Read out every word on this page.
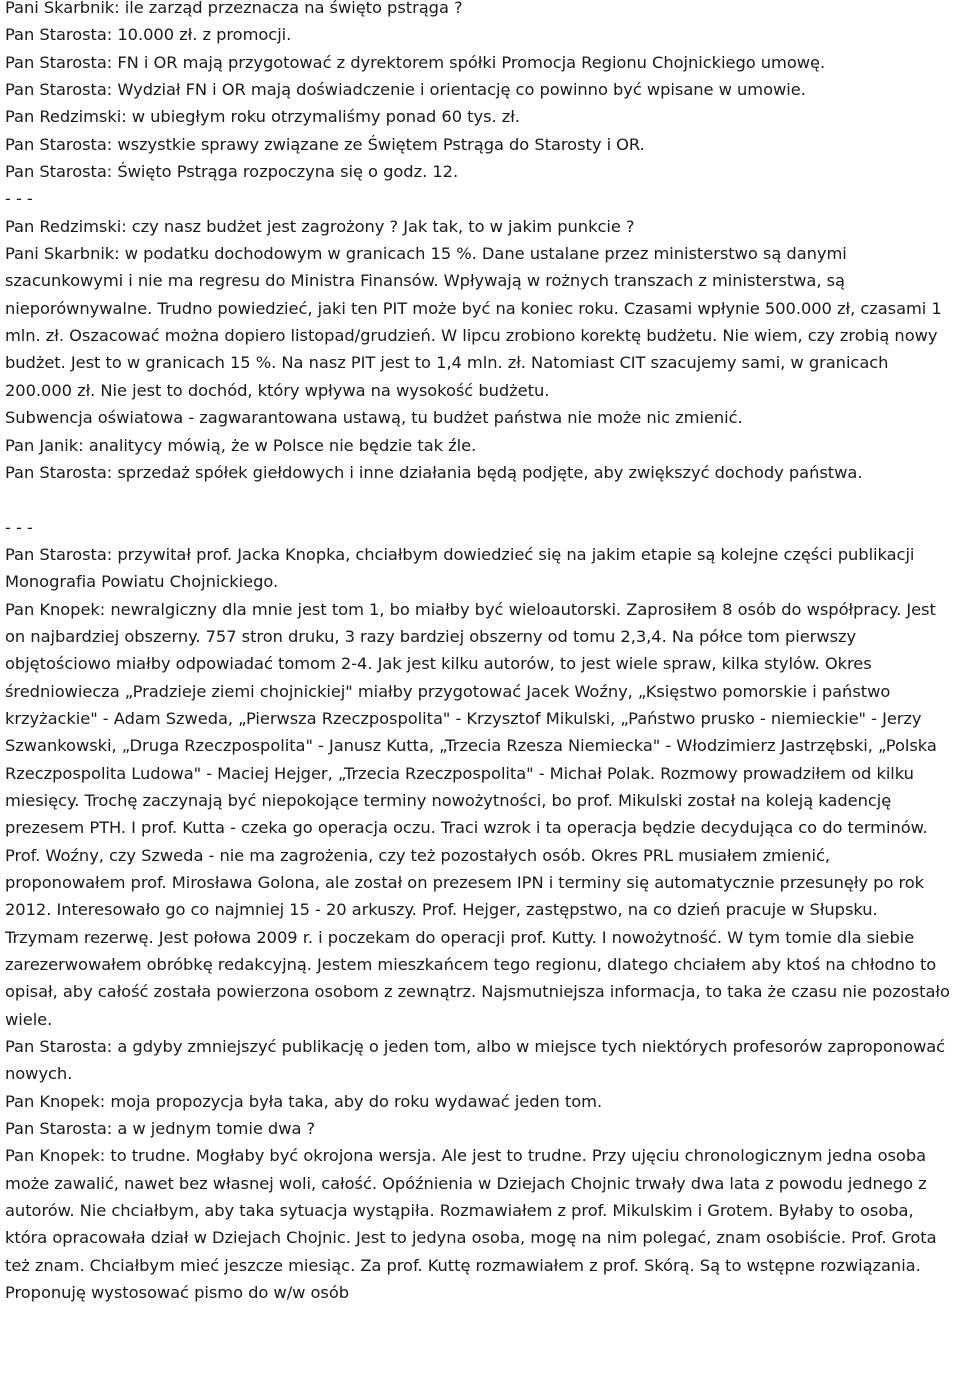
Pani Skarbnik: ile zarząd przeznacza na święto pstrąga ?

Pan Starosta: 10.000 zł. z promocji.

Pan Starosta: FN i OR mają przygotować z dyrektorem spółki Promocja Regionu Chojnickiego umowę.

Pan Starosta: Wydział FN i OR mają doświadczenie i orientację co powinno być wpisane w umowie.

Pan Redzimski: w ubiegłym roku otrzymaliśmy ponad 60 tys. zł.

Pan Starosta: wszystkie sprawy związane ze Świętem Pstrąga do Starosty i OR.

Pan Starosta: Święto Pstrąga rozpoczyna się o godz. 12.

- - -

Pan Redzimski: czy nasz budżet jest zagrożony ? Jak tak, to w jakim punkcie ?

Pani Skarbnik: w podatku dochodowym w granicach 15 %. Dane ustalane przez ministerstwo są danymi szacunkowymi i nie ma regresu do Ministra Finansów. Wpływają w rożnych transzach z ministerstwa, są nieporównywalne. Trudno powiedzieć, jaki ten PIT może być na koniec roku. Czasami wpłynie 500.000 zł, czasami 1 mln. zł. Oszacować można dopiero listopad/grudzień. W lipcu zrobiono korektę budżetu. Nie wiem, czy zrobią nowy budżet. Jest to w granicach 15 %. Na nasz PIT jest to 1,4 mln. zł. Natomiast CIT szacujemy sami, w granicach 200.000 zł. Nie jest to dochód, który wpływa na wysokość budżetu.

Subwencja oświatowa - zagwarantowana ustawą, tu budżet państwa nie może nic zmienić.

Pan Janik: analitycy mówią, że w Polsce nie będzie tak źle.

Pan Starosta: sprzedaż spółek giełdowych i inne działania będą podjęte, aby zwiększyć dochody państwa.

- - -

Pan Starosta: przywitał prof. Jacka Knopka, chciałbym dowiedzieć się na jakim etapie są kolejne części publikacji Monografia Powiatu Chojnickiego.

Pan Knopek: newralgiczny dla mnie jest tom 1, bo miałby być wieloautorski. Zaprosiłem 8 osób do współpracy. Jest on najbardziej obszerny. 757 stron druku, 3 razy bardziej obszerny od tomu 2,3,4. Na półce tom pierwszy objętościowo miałby odpowiadać tomom 2-4. Jak jest kilku autorów, to jest wiele spraw, kilka stylów. Okres średniowiecza „Pradzieje ziemi chojnickiej" miałby przygotować Jacek Woźny, „Księstwo pomorskie i państwo krzyżackie" - Adam Szweda, „Pierwsza Rzeczpospolita" - Krzysztof Mikulski, „Państwo prusko - niemieckie" - Jerzy Szwankowski, „Druga Rzeczpospolita" - Janusz Kutta, „Trzecia Rzesza Niemiecka" - Włodzimierz Jastrzębski, „Polska Rzeczpospolita Ludowa" - Maciej Hejger, „Trzecia Rzeczpospolita" - Michał Polak. Rozmowy prowadziłem od kilku miesięcy. Trochę zaczynają być niepokojące terminy nowożytności, bo prof. Mikulski został na koleją kadencję prezesem PTH. I prof. Kutta - czeka go operacja oczu. Traci wzrok i ta operacja będzie decydująca co do terminów. Prof. Woźny, czy Szweda - nie ma zagrożenia, czy też pozostałych osób. Okres PRL musiałem zmienić, proponowałem prof. Mirosława Golona, ale został on prezesem IPN i terminy się automatycznie przesunęły po rok 2012. Interesowało go co najmniej 15 - 20 arkuszy. Prof. Hejger, zastępstwo, na co dzień pracuje w Słupsku. Trzymam rezerwę. Jest połowa 2009 r. i poczekam do operacji prof. Kutty. I nowożytność. W tym tomie dla siebie zarezerwowałem obróbkę redakcyjną. Jestem mieszkańcem tego regionu, dlatego chciałem aby ktoś na chłodno to opisał, aby całość została powierzona osobom z zewnątrz. Najsmutniejsza informacja, to taka że czasu nie pozostało wiele.

Pan Starosta: a gdyby zmniejszyć publikację o jeden tom, albo w miejsce tych niektórych profesorów zaproponować nowych.

Pan Knopek: moja propozycja była taka, aby do roku wydawać jeden tom.

Pan Starosta: a w jednym tomie dwa ?

Pan Knopek: to trudne. Mogłaby być okrojona wersja. Ale jest to trudne. Przy ujęciu chronologicznym jedna osoba może zawalić, nawet bez własnej woli, całość. Opóźnienia w Dziejach Chojnic trwały dwa lata z powodu jednego z autorów. Nie chciałbym, aby taka sytuacja wystąpiła. Rozmawiałem z prof. Mikulskim i Grotem. Byłaby to osoba, która opracowała dział w Dziejach Chojnic. Jest to jedyna osoba, mogę na nim polegać, znam osobiście. Prof. Grota też znam. Chciałbym mieć jeszcze miesiąc. Za prof. Kuttę rozmawiałem z prof. Skórą. Są to wstępne rozwiązania. Proponuję wystosować pismo do w/w osób
